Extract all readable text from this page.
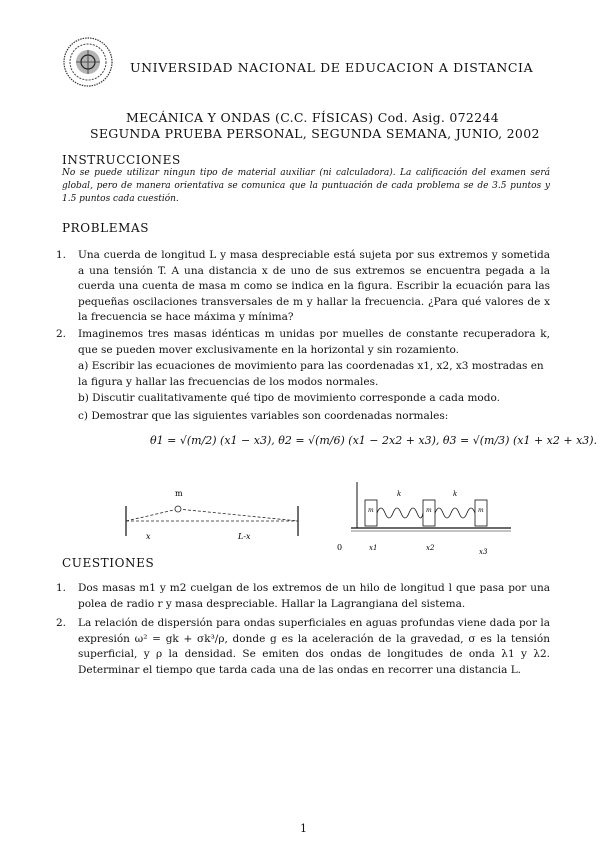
UNIVERSIDAD NACIONAL DE EDUCACION A DISTANCIA
MECÁNICA Y ONDAS (C.C. FÍSICAS) Cod. Asig. 072244
SEGUNDA PRUEBA PERSONAL, SEGUNDA SEMANA, JUNIO, 2002
INSTRUCCIONES
No se puede utilizar ningun tipo de material auxiliar (ni calculadora). La calificación del examen será global, pero de manera orientativa se comunica que la puntuación de cada problema se de 3.5 puntos y 1.5 puntos cada cuestión.
PROBLEMAS
1. Una cuerda de longitud L y masa despreciable está sujeta por sus extremos y sometida a una tensión T. A una distancia x de uno de sus extremos se encuentra pegada a la cuerda una cuenta de masa m como se indica en la figura. Escribir la ecuación para las pequeñas oscilaciones transversales de m y hallar la frecuencia. ¿Para qué valores de x la frecuencia se hace máxima y mínima?
2. Imaginemos tres masas idénticas m unidas por muelles de constante recuperadora k, que se pueden mover exclusivamente en la horizontal y sin rozamiento.
a) Escribir las ecuaciones de movimiento para las coordenadas x1, x2, x3 mostradas en la figura y hallar las frecuencias de los modos normales.
b) Discutir cualitativamente qué tipo de movimiento corresponde a cada modo.
c) Demostrar que las siguientes variables son coordenadas normales:
θ1 = √(m/2) (x1 − x3), θ2 = √(m/6) (x1 − 2x2 + x3), θ3 = √(m/3) (x1 + x2 + x3).
m
x	L-x
k	k
m	m	m
0	x1	x2	x3
CUESTIONES
1. Dos masas m1 y m2 cuelgan de los extremos de un hilo de longitud l que pasa por una polea de radio r y masa despreciable. Hallar la Lagrangiana del sistema.
2. La relación de dispersión para ondas superficiales en aguas profundas viene dada por la expresión ω² = gk + σk³/ρ, donde g es la aceleración de la gravedad, σ es la tensión superficial, y ρ la densidad. Se emiten dos ondas de longitudes de onda λ1 y λ2. Determinar el tiempo que tarda cada una de las ondas en recorrer una distancia L.
1
